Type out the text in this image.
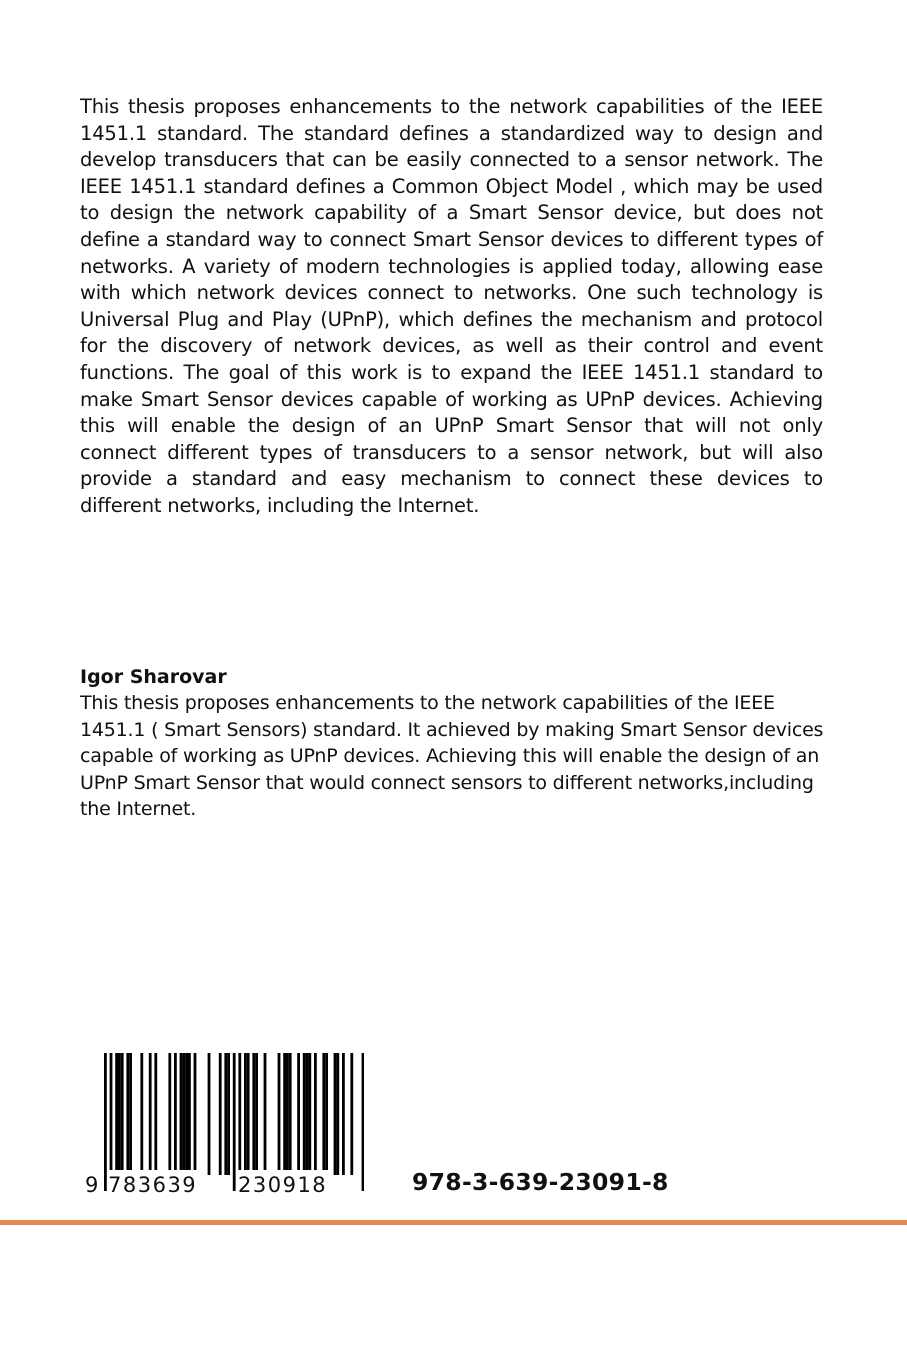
This thesis proposes enhancements to the network capabilities of the IEEE 1451.1 standard. The standard defines a standardized way to design and develop transducers that can be easily connected to a sensor network. The IEEE 1451.1 standard defines a Common Object Model , which may be used to design the network capability of a Smart Sensor device, but does not define a standard way to connect Smart Sensor devices to different types of networks. A variety of modern technologies is applied today, allowing ease with which network devices connect to networks. One such technology is Universal Plug and Play (UPnP), which defines the mechanism and protocol for the discovery of network devices, as well as their control and event functions. The goal of this work is to expand the IEEE 1451.1 standard to make Smart Sensor devices capable of working as UPnP devices. Achieving this will enable the design of an UPnP Smart Sensor that will not only connect different types of transducers to a sensor network, but will also provide a standard and easy mechanism to connect these devices to different networks, including the Internet.

Igor Sharovar

This thesis proposes enhancements to the network capabilities of the IEEE
1451.1 ( Smart Sensors) standard. It achieved by making Smart Sensor devices
capable of working as UPnP devices. Achieving this will enable the design of an
UPnP Smart Sensor that would connect sensors to different networks,including
the Internet.

9 783639 230918	978-3-639-23091-8
